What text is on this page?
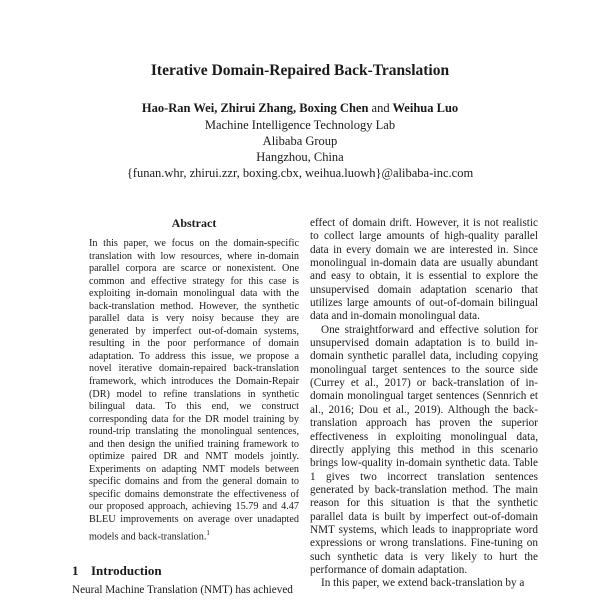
Iterative Domain-Repaired Back-Translation
Hao-Ran Wei, Zhirui Zhang, Boxing Chen and Weihua Luo
Machine Intelligence Technology Lab
Alibaba Group
Hangzhou, China
{funan.whr, zhirui.zzr, boxing.cbx, weihua.luowh}@alibaba-inc.com
Abstract
In this paper, we focus on the domain-specific translation with low resources, where in-domain parallel corpora are scarce or nonexistent. One common and effective strategy for this case is exploiting in-domain monolingual data with the back-translation method. However, the synthetic parallel data is very noisy because they are generated by imperfect out-of-domain systems, resulting in the poor performance of domain adaptation. To address this issue, we propose a novel iterative domain-repaired back-translation framework, which introduces the Domain-Repair (DR) model to refine translations in synthetic bilingual data. To this end, we construct corresponding data for the DR model training by round-trip translating the monolingual sentences, and then design the unified training framework to optimize paired DR and NMT models jointly. Experiments on adapting NMT models between specific domains and from the general domain to specific domains demonstrate the effectiveness of our proposed approach, achieving 15.79 and 4.47 BLEU improvements on average over unadapted models and back-translation.$^1$
1 Introduction
Neural Machine Translation (NMT) has achieved

effect of domain drift. However, it is not realistic to collect large amounts of high-quality parallel data in every domain we are interested in. Since monolingual in-domain data are usually abundant and easy to obtain, it is essential to explore the unsupervised domain adaptation scenario that utilizes large amounts of out-of-domain bilingual data and in-domain monolingual data.

One straightforward and effective solution for unsupervised domain adaptation is to build in-domain synthetic parallel data, including copying monolingual target sentences to the source side (Currey et al., 2017) or back-translation of in-domain monolingual target sentences (Sennrich et al., 2016; Dou et al., 2019). Although the back-translation approach has proven the superior effectiveness in exploiting monolingual data, directly applying this method in this scenario brings low-quality in-domain synthetic data. Table 1 gives two incorrect translation sentences generated by back-translation method. The main reason for this situation is that the synthetic parallel data is built by imperfect out-of-domain NMT systems, which leads to inappropriate word expressions or wrong translations. Fine-tuning on such synthetic data is very likely to hurt the performance of domain adaptation.

In this paper, we extend back-translation by a
